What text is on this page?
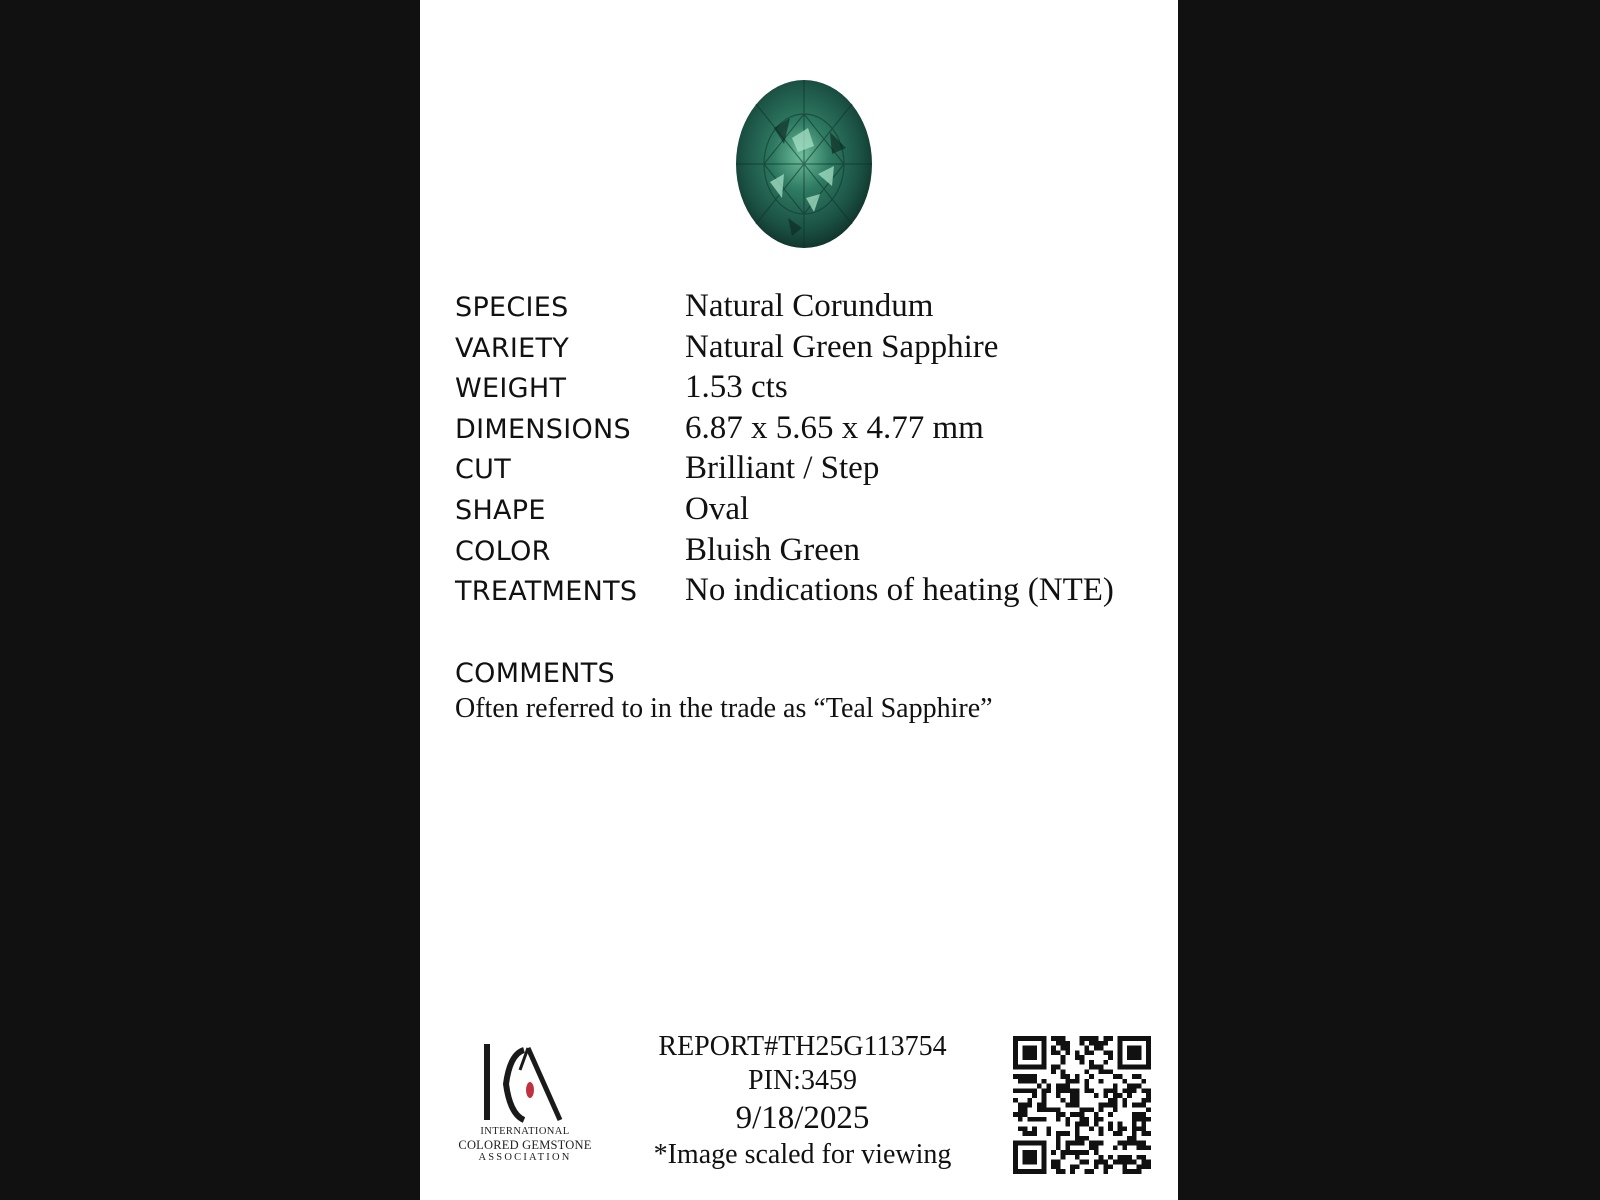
SPECIES	Natural Corundum
VARIETY	Natural Green Sapphire
WEIGHT	1.53 cts
DIMENSIONS	6.87 x 5.65 x 4.77 mm
CUT	Brilliant / Step
SHAPE	Oval
COLOR	Bluish Green
TREATMENTS	No indications of heating (NTE)
COMMENTS
Often referred to in the trade as “Teal Sapphire”
INTERNATIONAL
COLORED GEMSTONE
ASSOCIATION
REPORT#TH25G113754
PIN:3459
9/18/2025
*Image scaled for viewing
